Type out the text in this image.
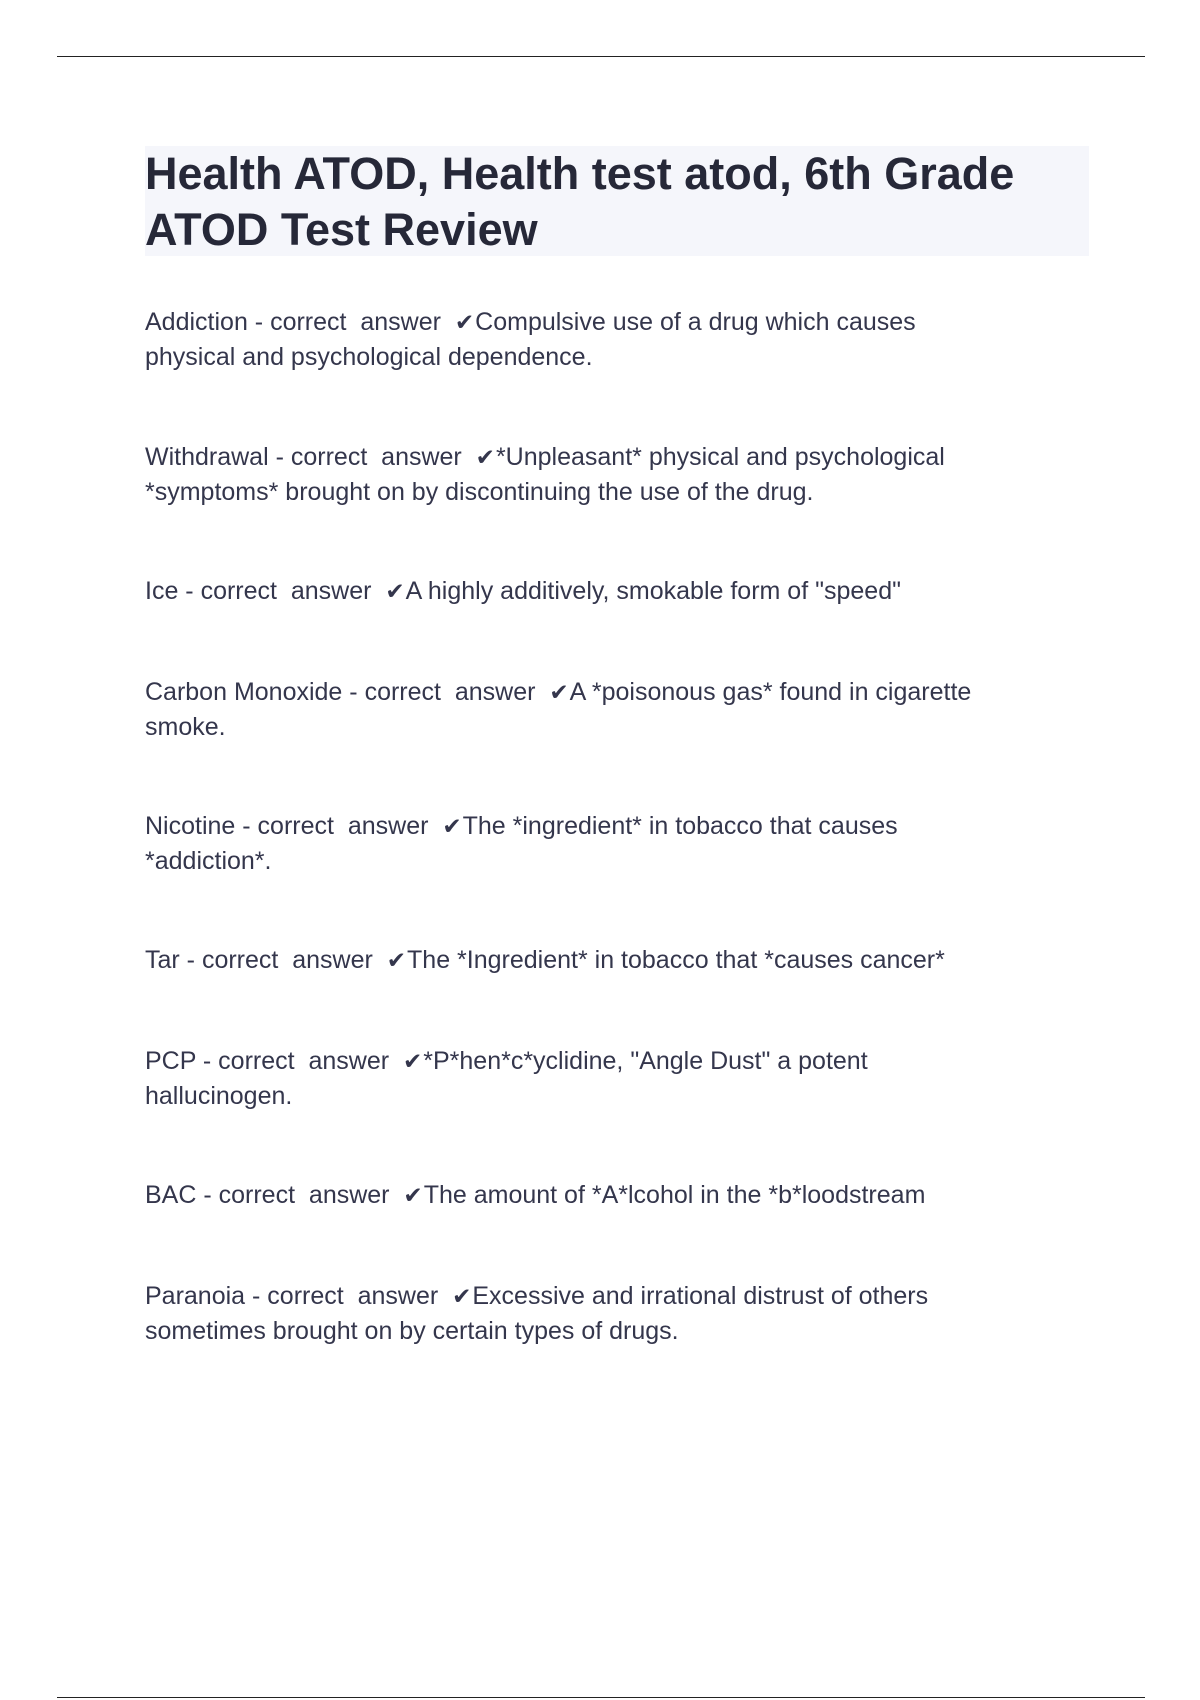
Health ATOD, Health test atod, 6th Grade
ATOD Test Review
Addiction - correct  answer ✔Compulsive use of a drug which causes
physical and psychological dependence.
Withdrawal - correct  answer ✔*Unpleasant* physical and psychological
*symptoms* brought on by discontinuing the use of the drug.
Ice - correct  answer ✔A highly additively, smokable form of "speed"
Carbon Monoxide - correct  answer ✔A *poisonous gas* found in cigarette
smoke.
Nicotine - correct  answer ✔The *ingredient* in tobacco that causes
*addiction*.
Tar - correct  answer ✔The *Ingredient* in tobacco that *causes cancer*
PCP - correct  answer ✔*P*hen*c*yclidine, "Angle Dust" a potent
hallucinogen.
BAC - correct  answer ✔The amount of *A*lcohol in the *b*loodstream
Paranoia - correct  answer ✔Excessive and irrational distrust of others
sometimes brought on by certain types of drugs.
